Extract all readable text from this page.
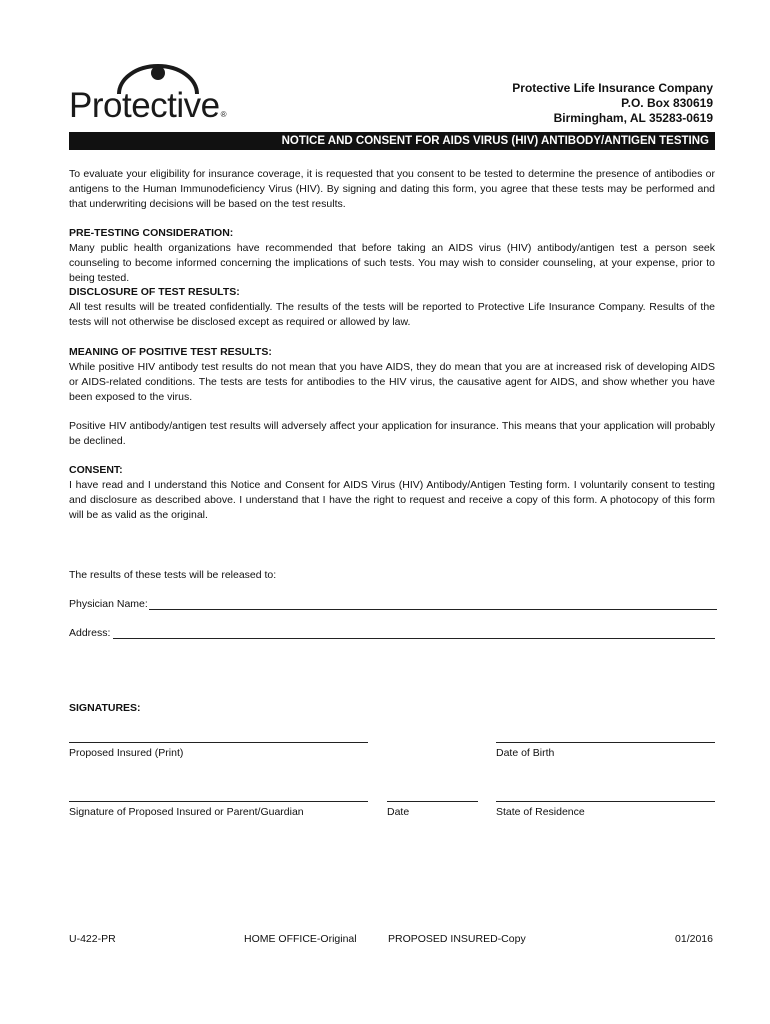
Protective®
Protective Life Insurance Company
P.O. Box 830619
Birmingham, AL 35283-0619
NOTICE AND CONSENT FOR AIDS VIRUS (HIV) ANTIBODY/ANTIGEN TESTING
To evaluate your eligibility for insurance coverage, it is requested that you consent to be tested to determine the presence of antibodies or antigens to the Human Immunodeficiency Virus (HIV). By signing and dating this form, you agree that these tests may be performed and that underwriting decisions will be based on the test results.
PRE-TESTING CONSIDERATION:
Many public health organizations have recommended that before taking an AIDS virus (HIV) antibody/antigen test a person seek counseling to become informed concerning the implications of such tests. You may wish to consider counseling, at your expense, prior to being tested.
DISCLOSURE OF TEST RESULTS:
All test results will be treated confidentially. The results of the tests will be reported to Protective Life Insurance Company. Results of the tests will not otherwise be disclosed except as required or allowed by law.
MEANING OF POSITIVE TEST RESULTS:
While positive HIV antibody test results do not mean that you have AIDS, they do mean that you are at increased risk of developing AIDS or AIDS-related conditions. The tests are tests for antibodies to the HIV virus, the causative agent for AIDS, and show whether you have been exposed to the virus.
Positive HIV antibody/antigen test results will adversely affect your application for insurance. This means that your application will probably be declined.
CONSENT:
I have read and I understand this Notice and Consent for AIDS Virus (HIV) Antibody/Antigen Testing form. I voluntarily consent to testing and disclosure as described above. I understand that I have the right to request and receive a copy of this form. A photocopy of this form will be as valid as the original.
The results of these tests will be released to:
Physician Name:
Address:
SIGNATURES:
Proposed Insured (Print)	Date of Birth
Signature of Proposed Insured or Parent/Guardian	Date	State of Residence
U-422-PR	HOME OFFICE-Original	PROPOSED INSURED-Copy	01/2016
